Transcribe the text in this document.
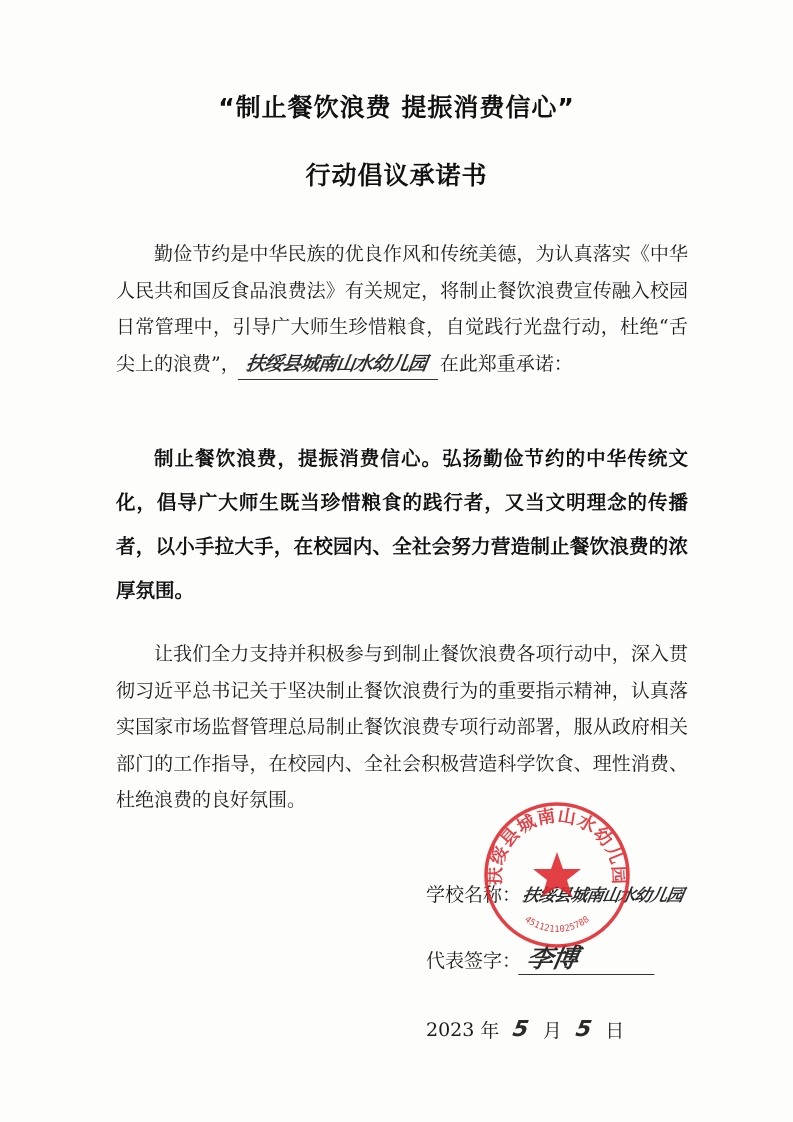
“制止餐饮浪费 提振消费信心”
行动倡议承诺书

勤俭节约是中华民族的优良作风和传统美德，为认真落实《中华人民共和国反食品浪费法》有关规定，将制止餐饮浪费宣传融入校园日常管理中，引导广大师生珍惜粮食，自觉践行光盘行动，杜绝“舌尖上的浪费”， 扶绥县城南山水幼儿园 在此郑重承诺：

制止餐饮浪费，提振消费信心。弘扬勤俭节约的中华传统文化，倡导广大师生既当珍惜粮食的践行者，又当文明理念的传播者，以小手拉大手，在校园内、全社会努力营造制止餐饮浪费的浓厚氛围。

让我们全力支持并积极参与到制止餐饮浪费各项行动中，深入贯彻习近平总书记关于坚决制止餐饮浪费行为的重要指示精神，认真落实国家市场监督管理总局制止餐饮浪费专项行动部署，服从政府相关部门的工作指导，在校园内、全社会积极营造科学饮食、理性消费、杜绝浪费的良好氛围。

学校名称：扶绥县城南山水幼儿园
代表签字： 李博
2023 年 5 月 5 日
扶绥县城南山水幼儿园
4511211025788
